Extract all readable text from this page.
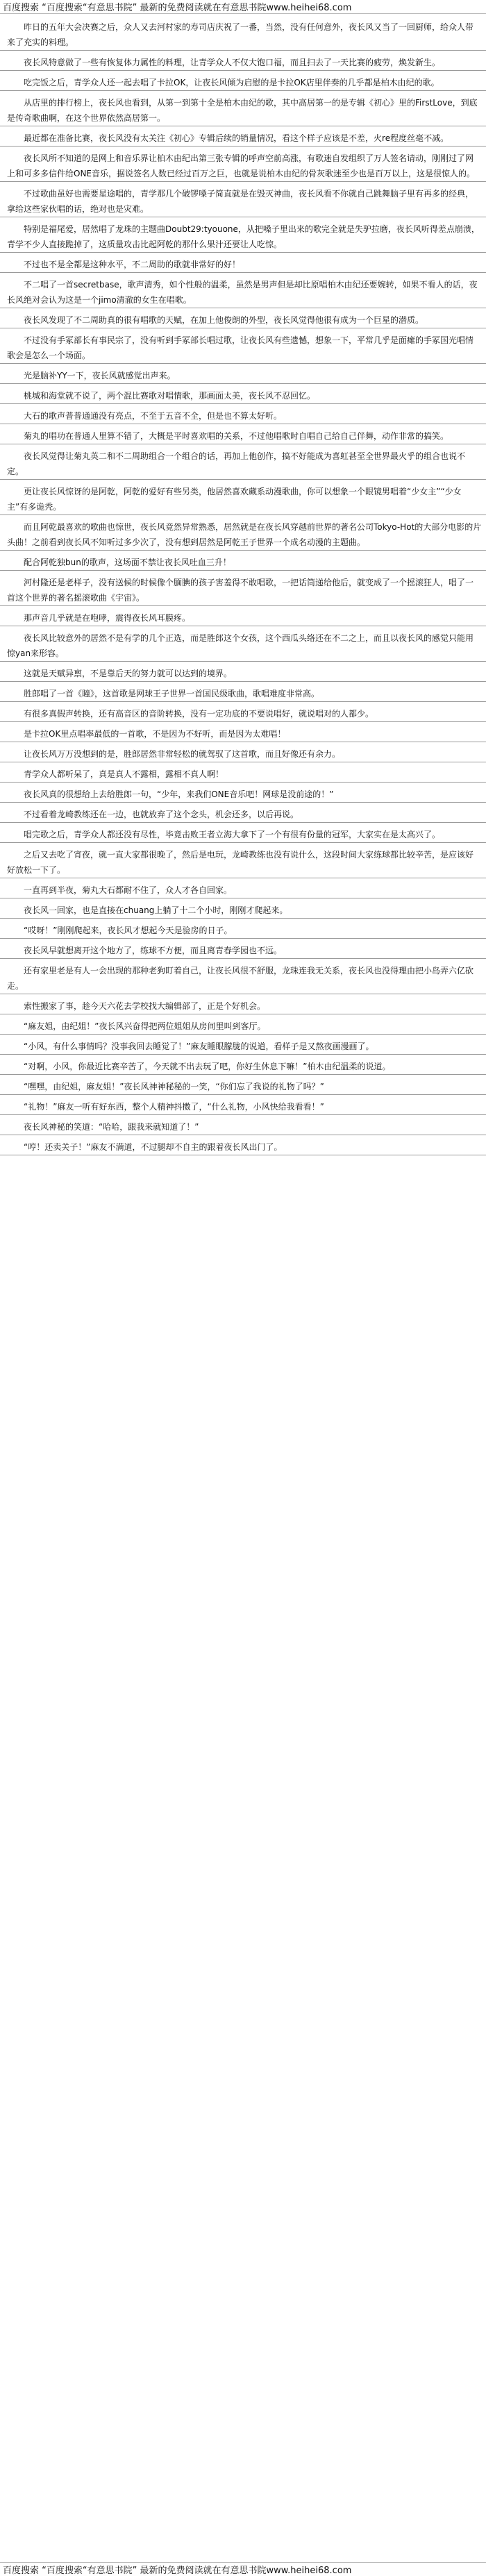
百度搜索 “百度搜索“有意思书院” 最新的免费阅读就在有意思书院www.heihei68.com
昨日的五年大会决赛之后，众人又去河村家的寿司店庆祝了一番，当然，没有任何意外，夜长风又当了一回厨师，给众人带来了充实的料理。
夜长风特意做了一些有恢复体力属性的料理，让青学众人不仅大饱口福，而且扫去了一天比赛的疲劳，焕发新生。
吃完饭之后，青学众人还一起去唱了卡拉OK，让夜长风倾为启慰的是卡拉OK店里伴奏的几乎都是柏木由纪的歌。
从店里的排行榜上，夜长风也看到，从第一到第十全是柏木由纪的歌，其中高居第一的是专辑《初心》里的FirstLove，到底是传奇歌曲啊，在这个世界依然高居第一。
最近都在准备比赛，夜长风没有太关注《初心》专辑后续的销量情况，看这个样子应该是不差，火re程度丝毫不减。
夜长风所不知道的是网上和音乐界让柏木由纪出第三张专辑的呼声空前高涨，有歌迷自发组织了万人签名请动，刚刚过了网上和可多多信件给ONE音乐，据说签名人数已经过百万之巨，也就是说柏木由纪的骨灰歌迷至少也是百万以上，这是很惊人的。
不过歌曲虽好也需要星途唱的，青学那几个破锣嗓子简直就是在毁灭神曲，夜长风看不你就自己跳舞脑子里有再多的经典，拿给这些家伙唱的话，绝对也是灾难。
特别是福尾爱，居然唱了龙珠的主题曲Doubt29:tyouone，从把嗓子里出来的歌完全就是失驴拉磨，夜长风听得差点崩溃，青学不少人直接跪掉了，这质量攻击比起阿乾的那什么果汁还要让人吃惊。
不过也不是全都是这种水平，不二周助的歌就非常好的好！
不二唱了一首secretbase，歌声清秀，如个性般的温柔，虽然是男声但是却比原唱柏木由纪还要婉转，如果不看人的话，夜长风绝对会认为这是一个jimo清澈的女生在唱歌。
夜长风发现了不二周助真的很有唱歌的天赋，在加上他俊朗的外型，夜长风觉得他很有成为一个巨星的潜质。
不过没有手冢部长有事民宗了，没有听到手冢部长唱过歌，让夜长风有些遗憾，想象一下，平常几乎是面瘫的手冢国光唱情歌会是怎么一个场面。
光是脑补YY一下，夜长风就感觉出声来。
桃城和海堂就不说了，两个混比赛歌对唱情歌，那画面太美，夜长风不忍回忆。
大石的歌声普普通通没有亮点，不至于五音不全，但是也不算太好听。
菊丸的唱功在普通人里算不错了，大概是平时喜欢唱的关系，不过他唱歌时自唱自己给自己伴舞，动作非常的搞笑。
夜长风觉得让菊丸英二和不二周助组合一个组合的话，再加上他创作，搞不好能成为喜虹甚至全世界最火乎的组合也说不定。
更让夜长风惊讶的是阿乾，阿乾的爱好有些另类，他居然喜欢藏系动漫歌曲，你可以想象一个眼镜男唱着“少女主”“少女主”有多诡秃。
而且阿乾最喜欢的歌曲也惊世，夜长风竟然异常熟悉，居然就是在夜长风穿越前世界的著名公司Tokyo-Hot的大部分电影的片头曲！之前看到夜长风不知听过多少次了，没有想到居然是阿乾王子世界一个成名动漫的主题曲。
配合阿乾独bun的歌声，这场面不禁让夜长风吐血三升！
河村隆还是老样子，没有送候的时候像个腼腆的孩子害羞得不敢唱歌，一把话筒递给他后，就变成了一个摇滚狂人，唱了一首这个世界的著名摇滚歌曲《宇宙》。
那声音几乎就是在咆哮，震得夜长风耳膜疼。
夜长风比较意外的居然不是有学的几个正选，而是胜郎这个女孩，这个西瓜头络还在不二之上，而且以夜长风的感觉只能用惊yan来形容。
这就是天赋异禀，不是靠后天的努力就可以达到的境界。
胜郎唱了一首《瞳》，这首歌是网球王子世界一首国民级歌曲，歌唱难度非常高。
有很多真假声转换，还有高音区的音阶转换，没有一定功底的不要说唱好，就说唱对的人都少。
是卡拉OK里点唱率最低的一首歌，不是因为不好听，而是因为太难唱！
让夜长风万万没想到的是，胜郎居然非常轻松的就驾驭了这首歌，而且好像还有余力。
青学众人都听呆了，真是真人不露相，露相不真人啊！
夜长风真的很想给上去给胜郎一句，“少年，来我们ONE音乐吧！网球是没前途的！”
不过看着龙崎教练还在一边，也就放弃了这个念头，机会还多，以后再说。
唱完歌之后，青学众人都还没有尽性，毕竟击败王者立海大拿下了一个有很有份量的冠军，大家实在是太高兴了。
之后又去吃了宵夜，就一直大家都很晚了，然后是电玩，龙崎教练也没有说什么，这段时间大家练球都比较辛苦，是应该好好放松一下了。
一直再到半夜，菊丸大石都耐不住了，众人才各自回家。
夜长风一回家，也是直接在chuang上躺了十二个小时，刚刚才爬起来。
“哎呀！”刚刚爬起来，夜长风才想起今天是验房的日子。
夜长风早就想离开这个地方了，练球不方便，而且离青春学园也不远。
还有家里老是有人一会出现的那种老狗盯着自己，让夜长风很不舒服，龙珠连我无关系，夜长风也没得理由把小岛弄六亿砍走。
索性搬家了事，趁今天六花去学校找大编辑部了，正是个好机会。
“麻友姐，由纪姐！”夜长风兴奋得把两位姐姐从房间里叫到客厅。
“小风，有什么事情吗？没事我回去睡觉了！”麻友睡眼朦胧的说道，看样子是又熬夜画漫画了。
“对啊，小风，你最近比赛辛苦了，今天就不出去玩了吧，你好生休息下嘛！”柏木由纪温柔的说道。
“嘿嘿，由纪姐，麻友姐！”夜长风神神秘秘的一笑，“你们忘了我说的礼物了吗？”
“礼物！”麻友一听有好东西，整个人精神抖擞了，“什么礼物，小风快给我看看！”
夜长风神秘的笑道：“哈哈，跟我来就知道了！”
“哼！还卖关子！”麻友不满道，不过腿却不自主的跟着夜长风出门了。
百度搜索 “百度搜索“有意思书院” 最新的免费阅读就在有意思书院www.heihei68.com
